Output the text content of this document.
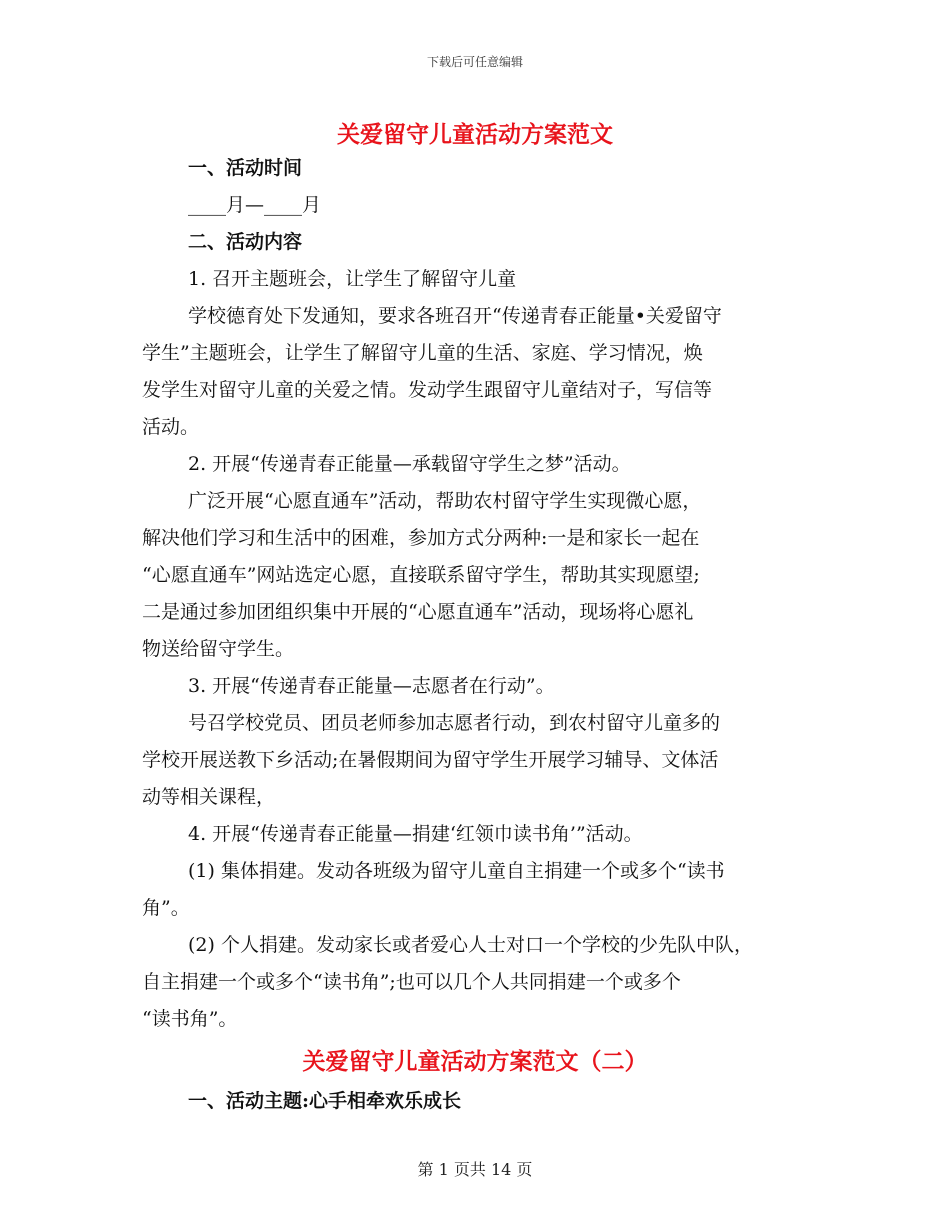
下载后可任意编辑
关爱留守儿童活动方案范文

一、活动时间

____月—____月

二、活动内容

1. 召开主题班会，让学生了解留守儿童

学校德育处下发通知，要求各班召开“传递青春正能量•关爱留守

学生”主题班会，让学生了解留守儿童的生活、家庭、学习情况，焕

发学生对留守儿童的关爱之情。发动学生跟留守儿童结对子，写信等

活动。

2. 开展“传递青春正能量—承载留守学生之梦”活动。

广泛开展“心愿直通车”活动，帮助农村留守学生实现微心愿，

解决他们学习和生活中的困难，参加方式分两种:一是和家长一起在

“心愿直通车”网站选定心愿，直接联系留守学生，帮助其实现愿望;

二是通过参加团组织集中开展的“心愿直通车”活动，现场将心愿礼

物送给留守学生。

3. 开展“传递青春正能量—志愿者在行动”。

号召学校党员、团员老师参加志愿者行动，到农村留守儿童多的

学校开展送教下乡活动;在暑假期间为留守学生开展学习辅导、文体活

动等相关课程，

4. 开展“传递青春正能量—捐建‘红领巾读书角’”活动。

(1) 集体捐建。发动各班级为留守儿童自主捐建一个或多个“读书

角”。

(2) 个人捐建。发动家长或者爱心人士对口一个学校的少先队中队，

自主捐建一个或多个“读书角”;也可以几个人共同捐建一个或多个

“读书角”。

关爱留守儿童活动方案范文（二）

一、活动主题:心手相牵欢乐成长

第 1 页共 14 页
